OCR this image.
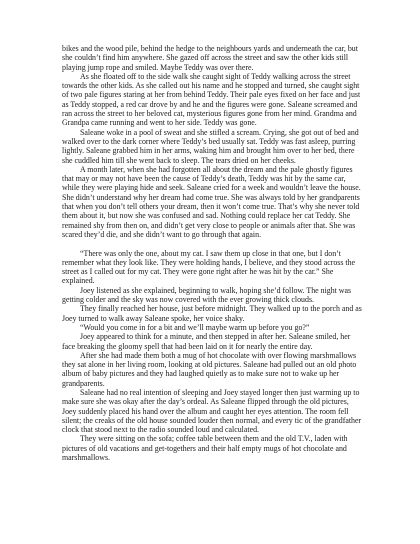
bikes and the wood pile, behind the hedge to the neighbours yards and underneath the car, but she couldn’t find him anywhere. She gazed off across the street and saw the other kids still playing jump rope and smiled. Maybe Teddy was over there.

As she floated off to the side walk she caught sight of Teddy walking across the street towards the other kids. As she called out his name and he stopped and turned, she caught sight of two pale figures staring at her from behind Teddy. Their pale eyes fixed on her face and just as Teddy stopped, a red car drove by and he and the figures were gone. Saleane screamed and ran across the street to her beloved cat, mysterious figures gone from her mind. Grandma and Grandpa came running and went to her side. Teddy was gone.

Saleane woke in a pool of sweat and she stifled a scream. Crying, she got out of bed and walked over to the dark corner where Teddy’s bed usually sat. Teddy was fast asleep, purring lightly. Saleane grabbed him in her arms, waking him and brought him over to her bed, there she cuddled him till she went back to sleep. The tears dried on her cheeks.

A month later, when she had forgotten all about the dream and the pale ghostly figures that may or may not have been the cause of Teddy’s death, Teddy was hit by the same car, while they were playing hide and seek. Saleane cried for a week and wouldn’t leave the house. She didn’t understand why her dream had come true. She was always told by her grandparents that when you don’t tell others your dream, then it won’t come true. That’s why she never told them about it, but now she was confused and sad. Nothing could replace her cat Teddy. She remained shy from then on, and didn’t get very close to people or animals after that. She was scared they’d die, and she didn’t want to go through that again.

“There was only the one, about my cat. I saw them up close in that one, but I don’t remember what they look like. They were holding hands, I believe, and they stood across the street as I called out for my cat. They were gone right after he was hit by the car.” She explained.

Joey listened as she explained, beginning to walk, hoping she’d follow. The night was getting colder and the sky was now covered with the ever growing thick clouds.

They finally reached her house, just before midnight. They walked up to the porch and as Joey turned to walk away Saleane spoke, her voice shaky.

“Would you come in for a bit and we’ll maybe warm up before you go?”

Joey appeared to think for a minute, and then stepped in after her. Saleane smiled, her face breaking the gloomy spell that had been laid on it for nearly the entire day.

After she had made them both a mug of hot chocolate with over flowing marshmallows they sat alone in her living room, looking at old pictures. Saleane had pulled out an old photo album of baby pictures and they had laughed quietly as to make sure not to wake up her grandparents.

Saleane had no real intention of sleeping and Joey stayed longer then just warming up to make sure she was okay after the day’s ordeal. As Saleane flipped through the old pictures, Joey suddenly placed his hand over the album and caught her eyes attention. The room fell silent; the creaks of the old house sounded louder then normal, and every tic of the grandfather clock that stood next to the radio sounded loud and calculated.

They were sitting on the sofa; coffee table between them and the old T.V., laden with pictures of old vacations and get-togethers and their half empty mugs of hot chocolate and marshmallows.
